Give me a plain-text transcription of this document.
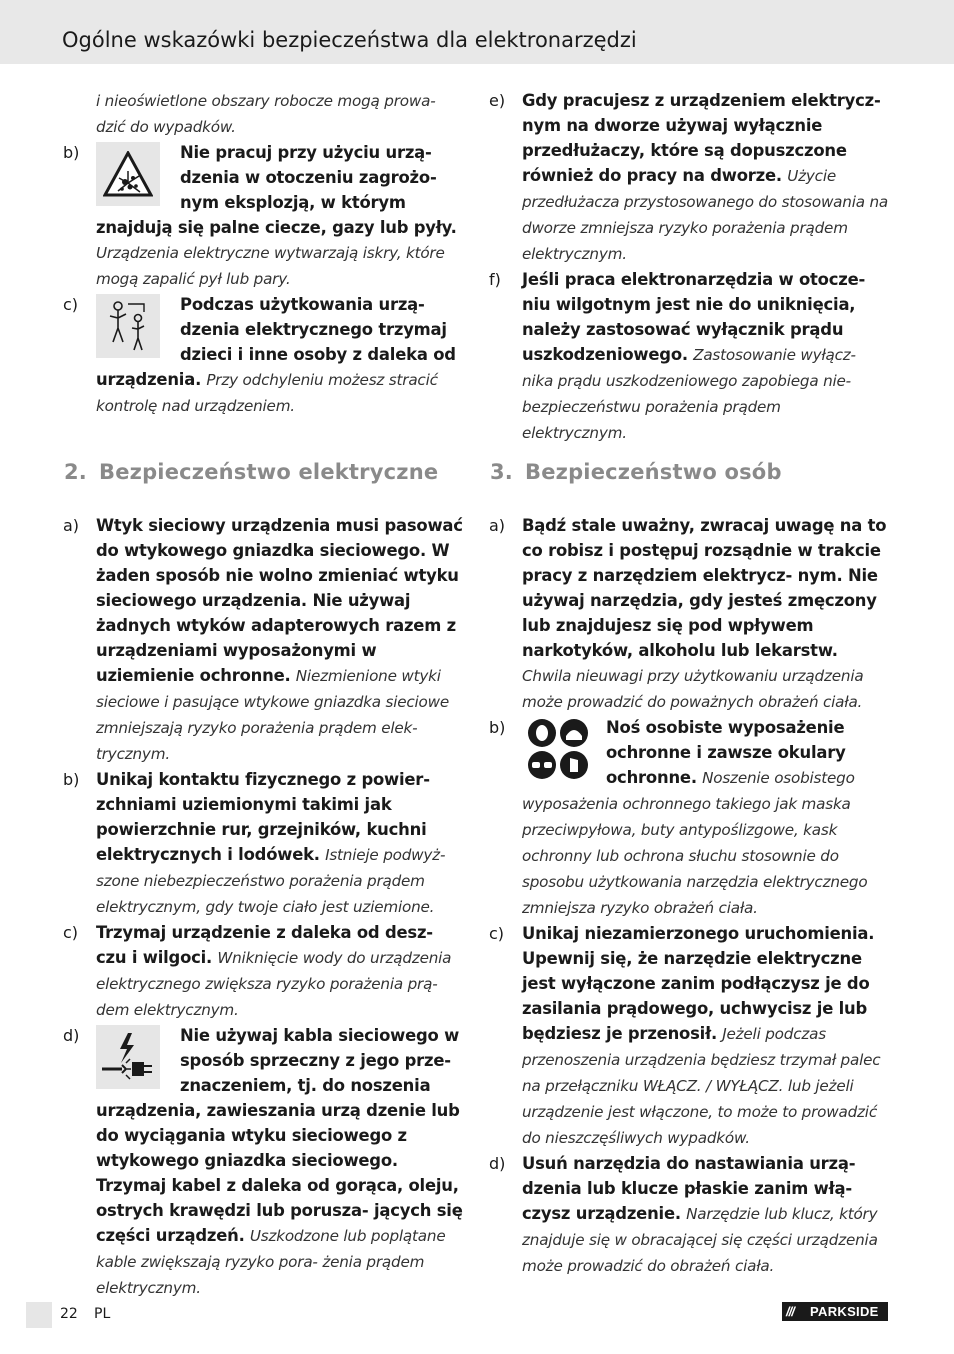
Ogólne wskazówki bezpieczeństwa dla elektronarzędzi

i nieoświetlone obszary robocze mogą prowa- dzić do wypadków.

b)	Nie pracuj przy użyciu urzą- dzenia w otoczeniu zagrożo- nym eksplozją, w którym znajdują się palne ciecze, gazy lub pyły. Urządzenia elektryczne wytwarzają iskry, które mogą zapalić pył lub pary.
c)	Podczas użytkowania urzą- dzenia elektrycznego trzymaj dzieci i inne osoby z daleka od urządzenia. Przy odchyleniu możesz stracić kontrolę nad urządzeniem.
e) Gdy pracujesz z urządzeniem elektrycz- nym na dworze używaj wyłącznie przedłużaczy, które są dopuszczone również do pracy na dworze. Użycie przedłużacza przystosowanego do stosowania na dworze zmniejsza ryzyko porażenia prądem elektrycznym.
f) Jeśli praca elektronarzędzia w otocze- niu wilgotnym jest nie do uniknięcia, należy zastosować wyłącznik prądu uszkodzeniowego. Zastosowanie wyłącz- nika prądu uszkodzeniowego zapobiega nie- bezpieczeństwu porażenia prądem elektrycznym.
2. Bezpieczeństwo elektryczne 3. Bezpieczeństwo osób
a) Wtyk sieciowy urządzenia musi pasować do wtykowego gniazdka sieciowego. W żaden sposób nie wolno zmieniać wtyku sieciowego urządzenia. Nie używaj żadnych wtyków adapterowych razem z urządzeniami wyposażonymi w uziemienie ochronne. Niezmienione wtyki sieciowe i pasujące wtykowe gniazdka sieciowe zmniejszają ryzyko porażenia prądem elek- trycznym.
b) Unikaj kontaktu fizycznego z powier- zchniami uziemionymi takimi jak powierzchnie rur, grzejników, kuchni elektrycznych i lodówek. Istnieje podwyż- szone niebezpieczeństwo porażenia prądem elektrycznym, gdy twoje ciało jest uziemione.
c) Trzymaj urządzenie z daleka od desz- czu i wilgoci. Wniknięcie wody do urządzenia elektrycznego zwiększa ryzyko porażenia prą- dem elektrycznym.
d)	Nie używaj kabla sieciowego w sposób sprzeczny z jego prze- znaczeniem, tj. do noszenia urządzenia, zawieszania urzą dzenie lub do wyciągania wtyku sieciowego z wtykowego gniazdka sieciowego. Trzymaj kabel z daleka od gorąca, oleju, ostrych krawędzi lub porusza- jących się części urządzeń. Uszkodzone lub poplątane kable zwiększają ryzyko pora- żenia prądem elektrycznym.
a) Bądź stale uważny, zwracaj uwagę na to co robisz i postępuj rozsądnie w trakcie pracy z narzędziem elektrycz- nym. Nie używaj narzędzia, gdy jesteś zmęczony lub znajdujesz się pod wpływem narkotyków, alkoholu lub lekarstw. Chwila nieuwagi przy użytkowaniu urządzenia może prowadzić do poważnych obrażeń ciała.
b)	Noś osobiste wyposażenie ochronne i zawsze okulary ochronne. Noszenie osobistego wyposażenia ochronnego takiego jak maska przeciwpyłowa, buty antypoślizgowe, kask ochronny lub ochrona słuchu stosownie do sposobu użytkowania narzędzia elektrycznego zmniejsza ryzyko obrażeń ciała.
c) Unikaj niezamierzonego uruchomienia. Upewnij się, że narzędzie elektryczne jest wyłączone zanim podłączysz je do zasilania prądowego, uchwycisz je lub będziesz je przenosił. Jeżeli podczas przenoszenia urządzenia będziesz trzymał palec na przełączniku WŁĄCZ. / WYŁĄCZ. lub jeżeli urządzenie jest włączone, to może to prowadzić do nieszczęśliwych wypadków.
d) Usuń narzędzia do nastawiania urzą- dzenia lub klucze płaskie zanim włą- czysz urządzenie. Narzędzie lub klucz, który znajduje się w obracającej się części urządzenia może prowadzić do obrażeń ciała.
22 PL	///	PARKSIDE
